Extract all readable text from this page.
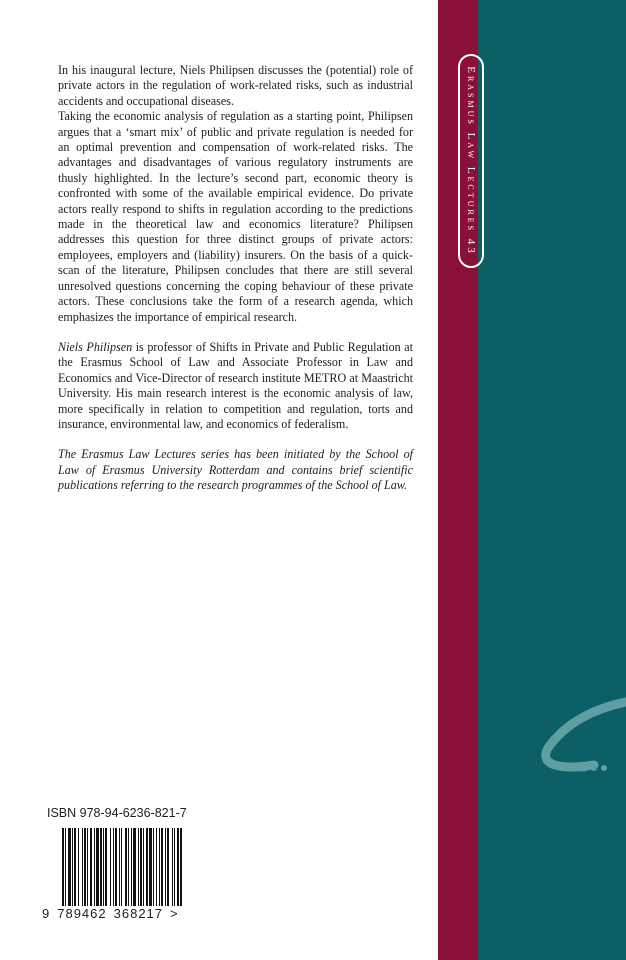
Erasmus Law Lectures 43

In his inaugural lecture, Niels Philipsen discusses the (potential) role of private actors in the regulation of work-related risks, such as industrial accidents and occupational diseases.

Taking the economic analysis of regulation as a starting point, Philipsen argues that a ‘smart mix’ of public and private regulation is needed for an optimal prevention and compensation of work-related risks. The advantages and disadvantages of various regulatory instruments are thusly highlighted. In the lecture’s second part, economic theory is confronted with some of the available empirical evidence. Do private actors really respond to shifts in regulation according to the predictions made in the theoretical law and economics literature? Philipsen addresses this question for three distinct groups of private actors: employees, employers and (liability) insurers. On the basis of a quick-scan of the literature, Philipsen concludes that there are still several unresolved questions concerning the coping behaviour of these private actors. These conclusions take the form of a research agenda, which emphasizes the importance of empirical research.

Niels Philipsen is professor of Shifts in Private and Public Regulation at the Erasmus School of Law and Associate Professor in Law and Economics and Vice-Director of research institute METRO at Maastricht University. His main research interest is the economic analysis of law, more specifically in relation to competition and regulation, torts and insurance, environmental law, and economics of federalism.

The Erasmus Law Lectures series has been initiated by the School of Law of Erasmus University Rotterdam and contains brief scientific publications referring to the research programmes of the School of Law.

ISBN 978-94-6236-821-7
9 789462 368217 >
